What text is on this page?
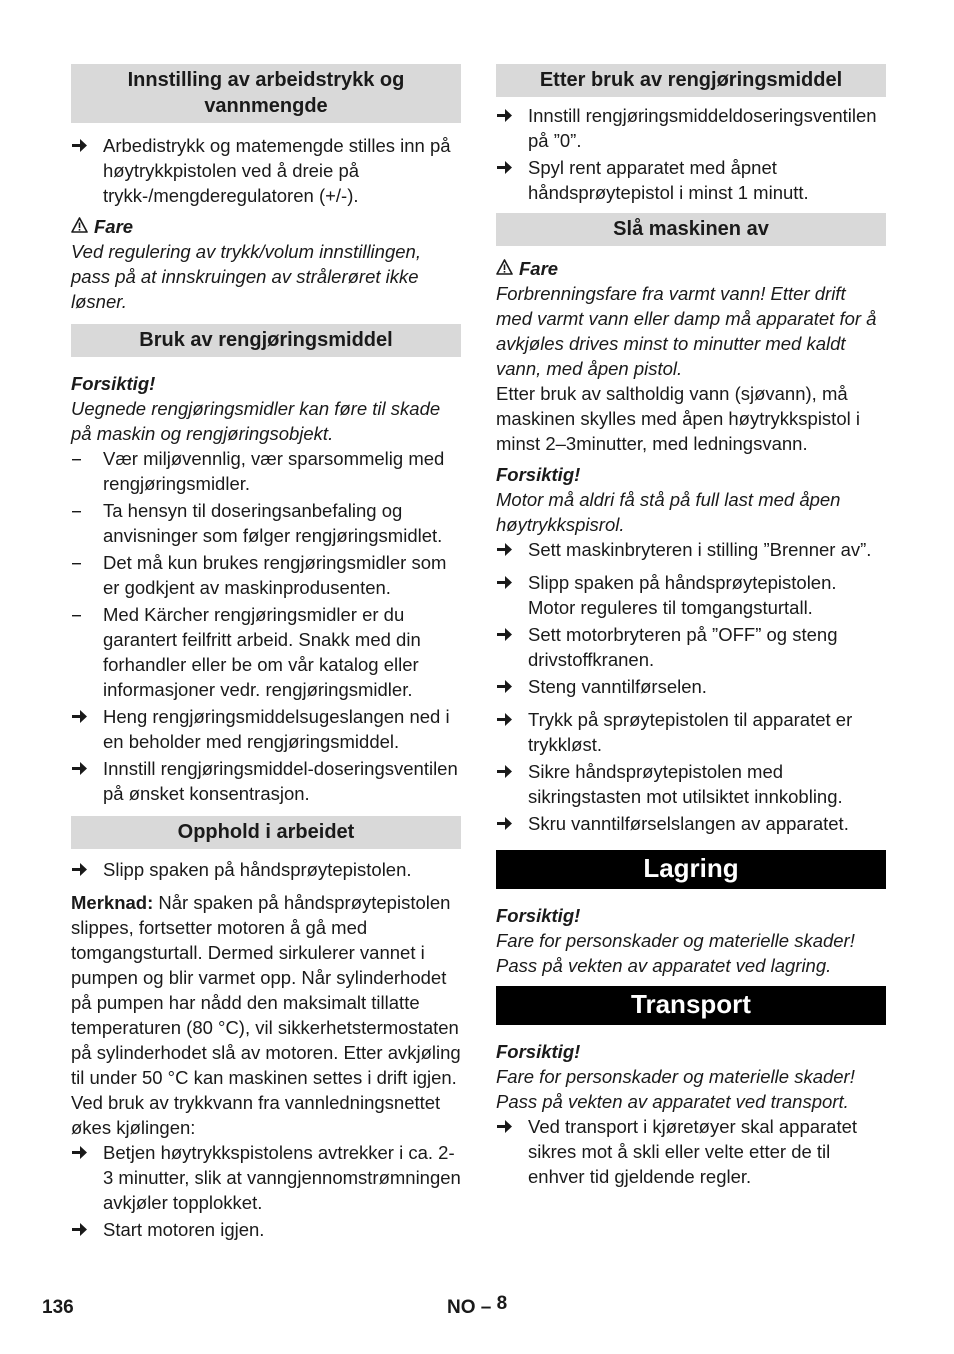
Innstilling av arbeidstrykk og vannmengde
Arbedistrykk og matemengde stilles inn på høytrykkpistolen ved å dreie på trykk-/mengderegulatoren (+/-).
Fare
Ved regulering av trykk/volum innstillingen, pass på at innskruingen av strålerøret ikke løsner.
Bruk av rengjøringsmiddel
Forsiktig!
Uegnede rengjøringsmidler kan føre til skade på maskin og rengjøringsobjekt.
Vær miljøvennlig, vær sparsommelig med rengjøringsmidler.
Ta hensyn til doseringsanbefaling og anvisninger som følger rengjøringsmidlet.
Det må kun brukes rengjøringsmidler som er godkjent av maskinprodusenten.
Med Kärcher rengjøringsmidler er du garantert feilfritt arbeid. Snakk med din forhandler eller be om vår katalog eller informasjoner vedr. rengjøringsmidler.
Heng rengjøringsmiddelsugeslangen ned i en beholder med rengjøringsmiddel.
Innstill rengjøringsmiddel-doseringsventilen på ønsket konsentrasjon.
Opphold i arbeidet
Slipp spaken på håndsprøytepistolen.
Merknad: Når spaken på håndsprøytepistolen slippes, fortsetter motoren å gå med tomgangsturtall. Dermed sirkulerer vannet i pumpen og blir varmet opp. Når sylinderhodet på pumpen har nådd den maksimalt tillatte temperaturen (80 °C), vil sikkerhetstermostaten på sylinderhodet slå av motoren. Etter avkjøling til under 50 °C kan maskinen settes i drift igjen.
Ved bruk av trykkvann fra vannledningsnettet økes kjølingen:
Betjen høytrykkspistolens avtrekker i ca. 2-3 minutter, slik at vanngjennomstrømningen avkjøler topplokket.
Start motoren igjen.
Etter bruk av rengjøringsmiddel
Innstill rengjøringsmiddeldoseringsventilen på ”0”.
Spyl rent apparatet med åpnet håndsprøytepistol i minst 1 minutt.
Slå maskinen av
Fare
Forbrenningsfare fra varmt vann! Etter drift med varmt vann eller damp må apparatet for å avkjøles drives minst to minutter med kaldt vann, med åpen pistol.
Etter bruk av saltholdig vann (sjøvann), må maskinen skylles med åpen høytrykkspistol i minst 2–3minutter, med ledningsvann.
Forsiktig!
Motor må aldri få stå på full last med åpen høytrykkspisrol.
Sett maskinbryteren i stilling ”Brenner av”.
Slipp spaken på håndsprøytepistolen. Motor reguleres til tomgangsturtall.
Sett motorbryteren på ”OFF” og steng drivstoffkranen.
Steng vanntilførselen.
Trykk på sprøytepistolen til apparatet er trykkløst.
Sikre håndsprøytepistolen med sikringstasten mot utilsiktet innkobling.
Skru vanntilførselslangen av apparatet.
Lagring
Forsiktig!
Fare for personskader og materielle skader! Pass på vekten av apparatet ved lagring.
Transport
Forsiktig!
Fare for personskader og materielle skader! Pass på vekten av apparatet ved transport.
Ved transport i kjøretøyer skal apparatet sikres mot å skli eller velte etter de til enhver tid gjeldende regler.
136	NO – 8
